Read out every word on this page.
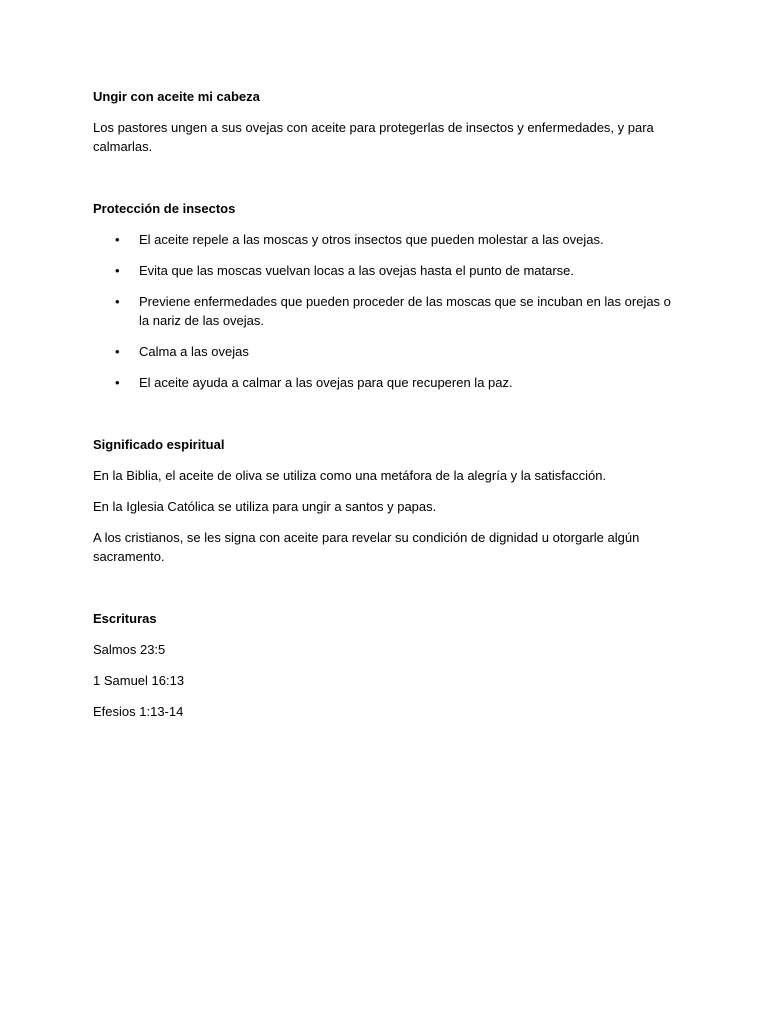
Ungir con aceite mi cabeza

Los pastores ungen a sus ovejas con aceite para protegerlas de insectos y enfermedades, y para calmarlas.

Protección de insectos

• El aceite repele a las moscas y otros insectos que pueden molestar a las ovejas.
• Evita que las moscas vuelvan locas a las ovejas hasta el punto de matarse.
• Previene enfermedades que pueden proceder de las moscas que se incuban en las orejas o la nariz de las ovejas.
• Calma a las ovejas
• El aceite ayuda a calmar a las ovejas para que recuperen la paz.

Significado espiritual

En la Biblia, el aceite de oliva se utiliza como una metáfora de la alegría y la satisfacción.

En la Iglesia Católica se utiliza para ungir a santos y papas.

A los cristianos, se les signa con aceite para revelar su condición de dignidad u otorgarle algún sacramento.

Escrituras

Salmos 23:5

1 Samuel 16:13

Efesios 1:13-14
